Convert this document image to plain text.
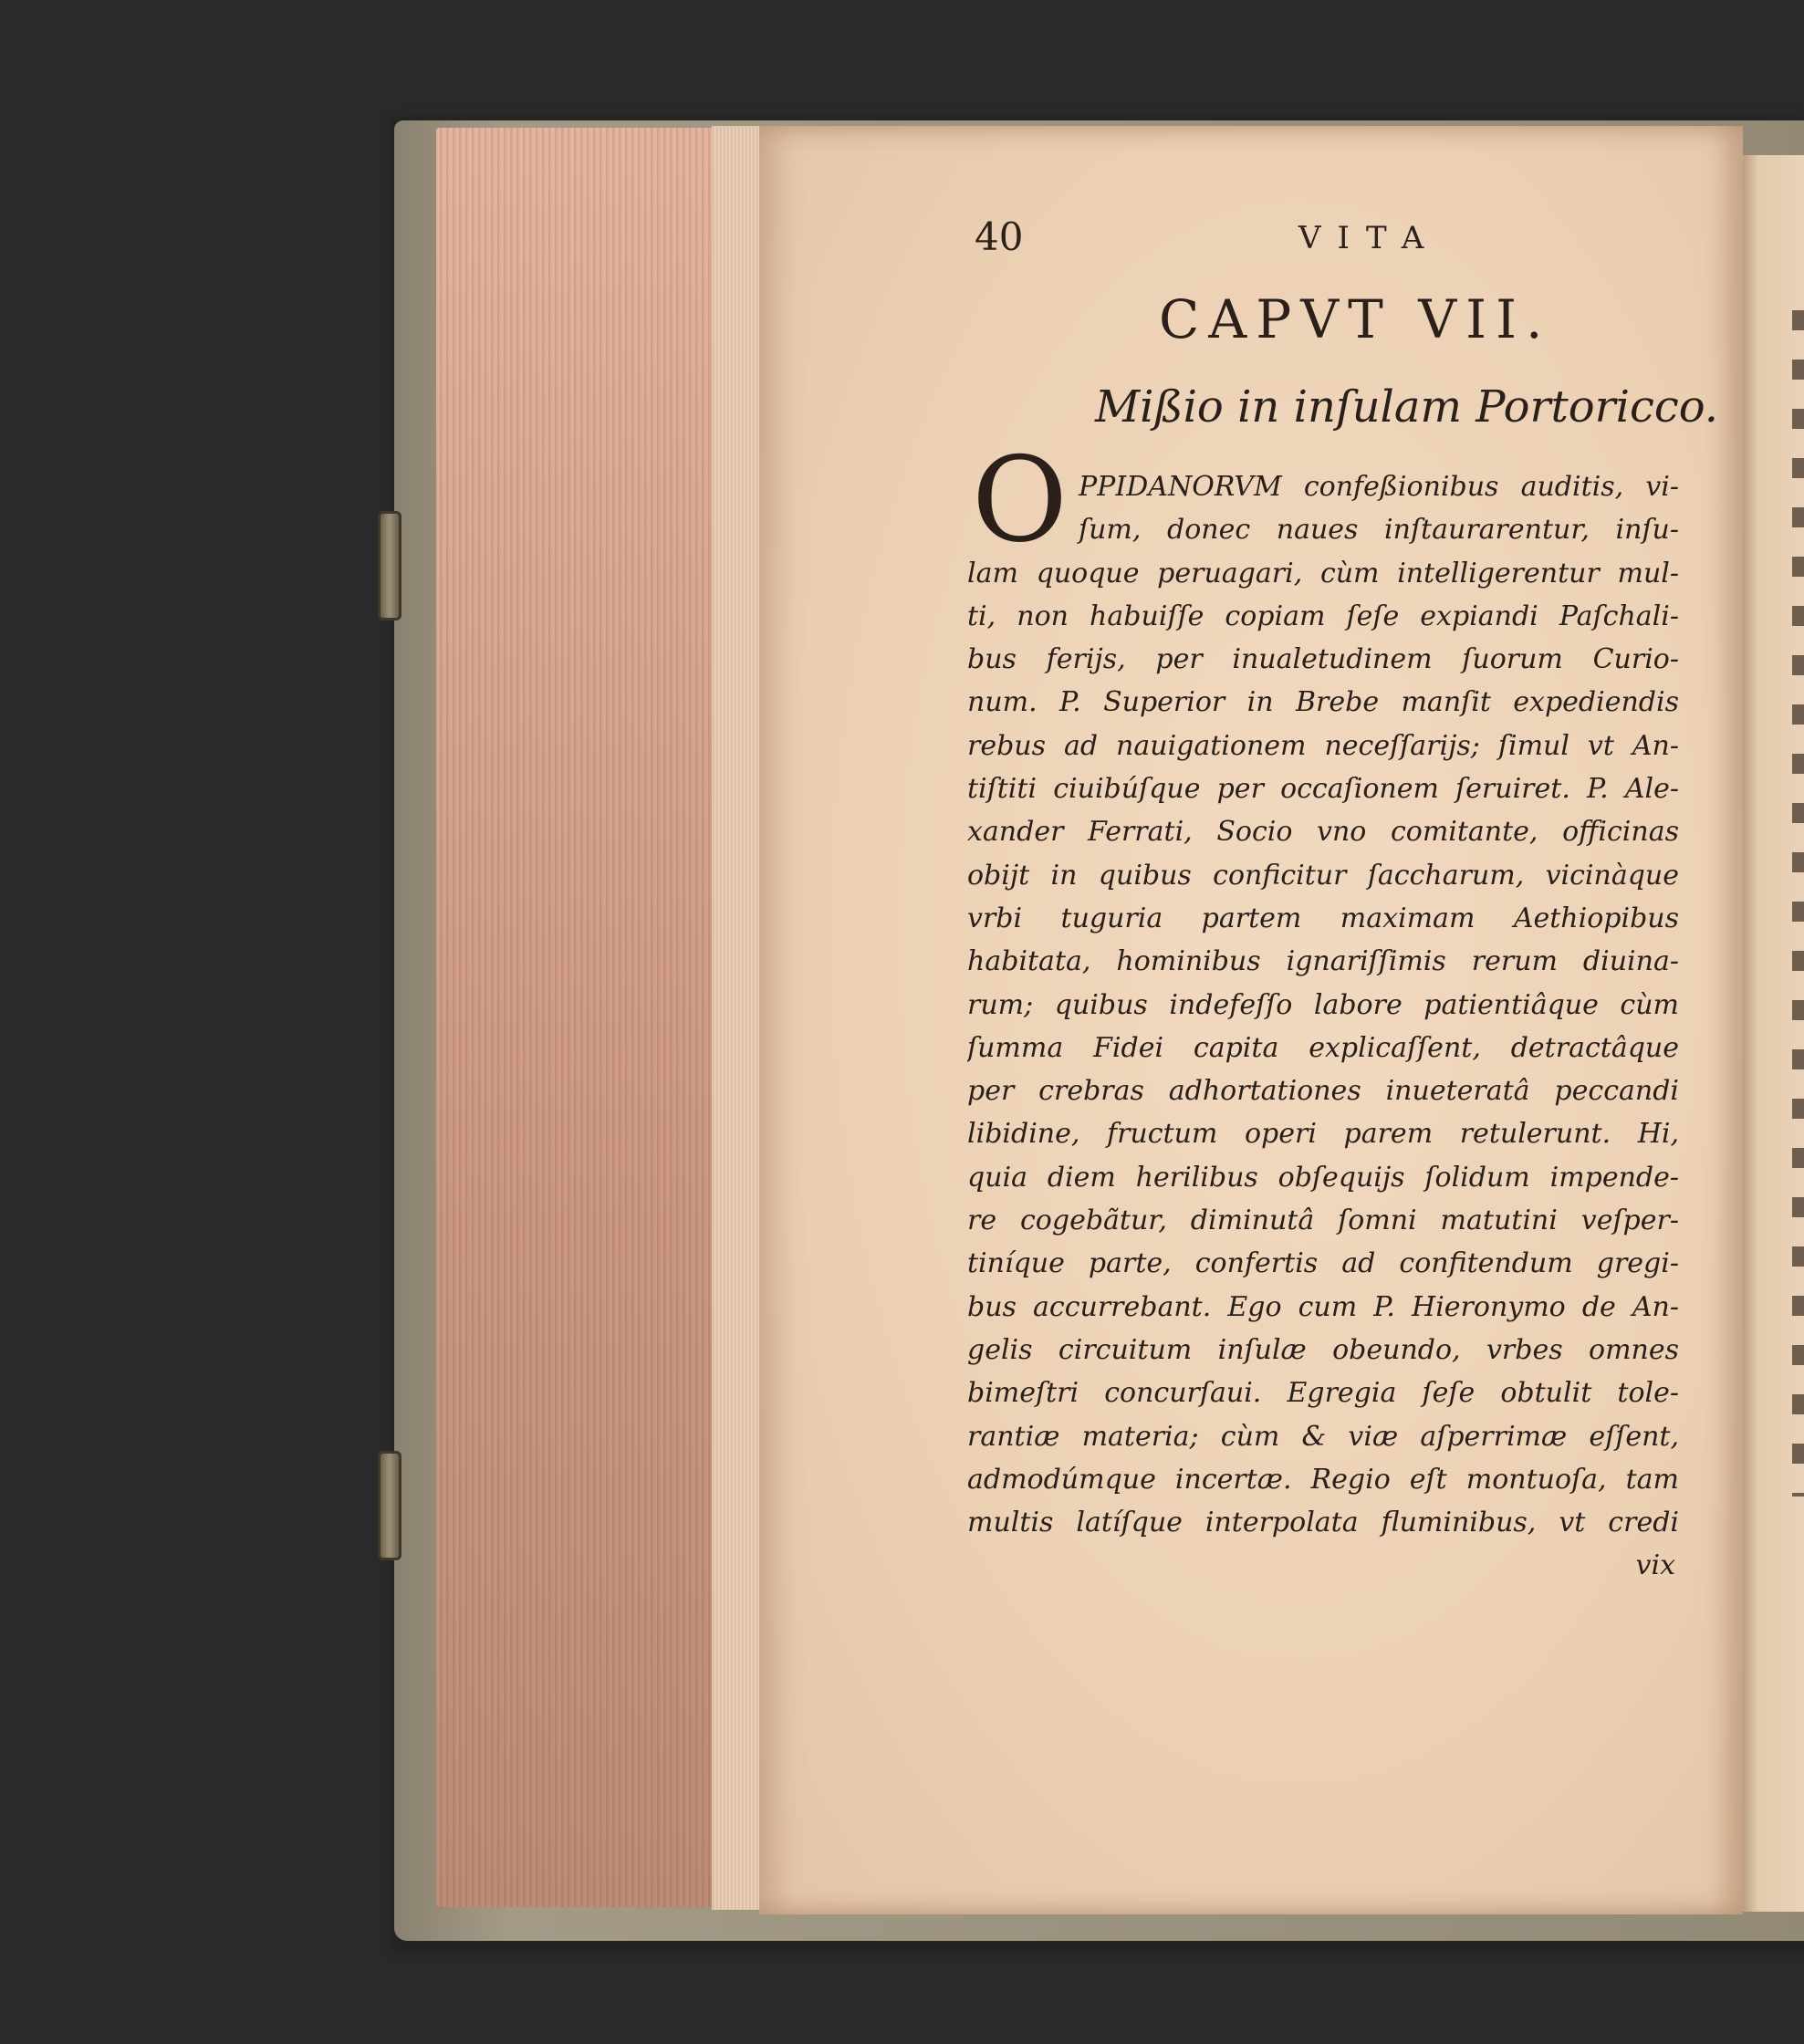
40	VITA
CAPVT VII.
Mißio in inſulam Portoricco.
O PPIDANORVM confeßionibus auditis, vi-
ſum, donec naues inſtaurarentur, inſu-
lam quoque peruagari, cùm intelligerentur mul-
ti, non habuiſſe copiam ſeſe expiandi Paſchali-
bus ferijs, per inualetudinem ſuorum Curio-
num. P. Superior in Brebe manſit expediendis
rebus ad nauigationem neceſſarijs; ſimul vt An-
tiſtiti ciuibúſque per occaſionem ſeruiret. P. Ale-
xander Ferrati, Socio vno comitante, officinas
obijt in quibus conficitur ſaccharum, vicinàque
vrbi tuguria partem maximam Aethiopibus
habitata, hominibus ignariſſimis rerum diuina-
rum; quibus indefeſſo labore patientiâque cùm
ſumma Fidei capita explicaſſent, detractâque
per crebras adhortationes inueteratâ peccandi
libidine, fructum operi parem retulerunt. Hi,
quia diem herilibus obſequijs ſolidum impende-
re cogebãtur, diminutâ ſomni matutini veſper-
tiníque parte, confertis ad confitendum gregi-
bus accurrebant. Ego cum P. Hieronymo de An-
gelis circuitum inſulæ obeundo, vrbes omnes
bimeſtri concurſaui. Egregia ſeſe obtulit tole-
rantiæ materia; cùm & viæ aſperrimæ eſſent,
admodúmque incertæ. Regio eſt montuoſa, tam
multis latíſque interpolata fluminibus, vt credi
vix
